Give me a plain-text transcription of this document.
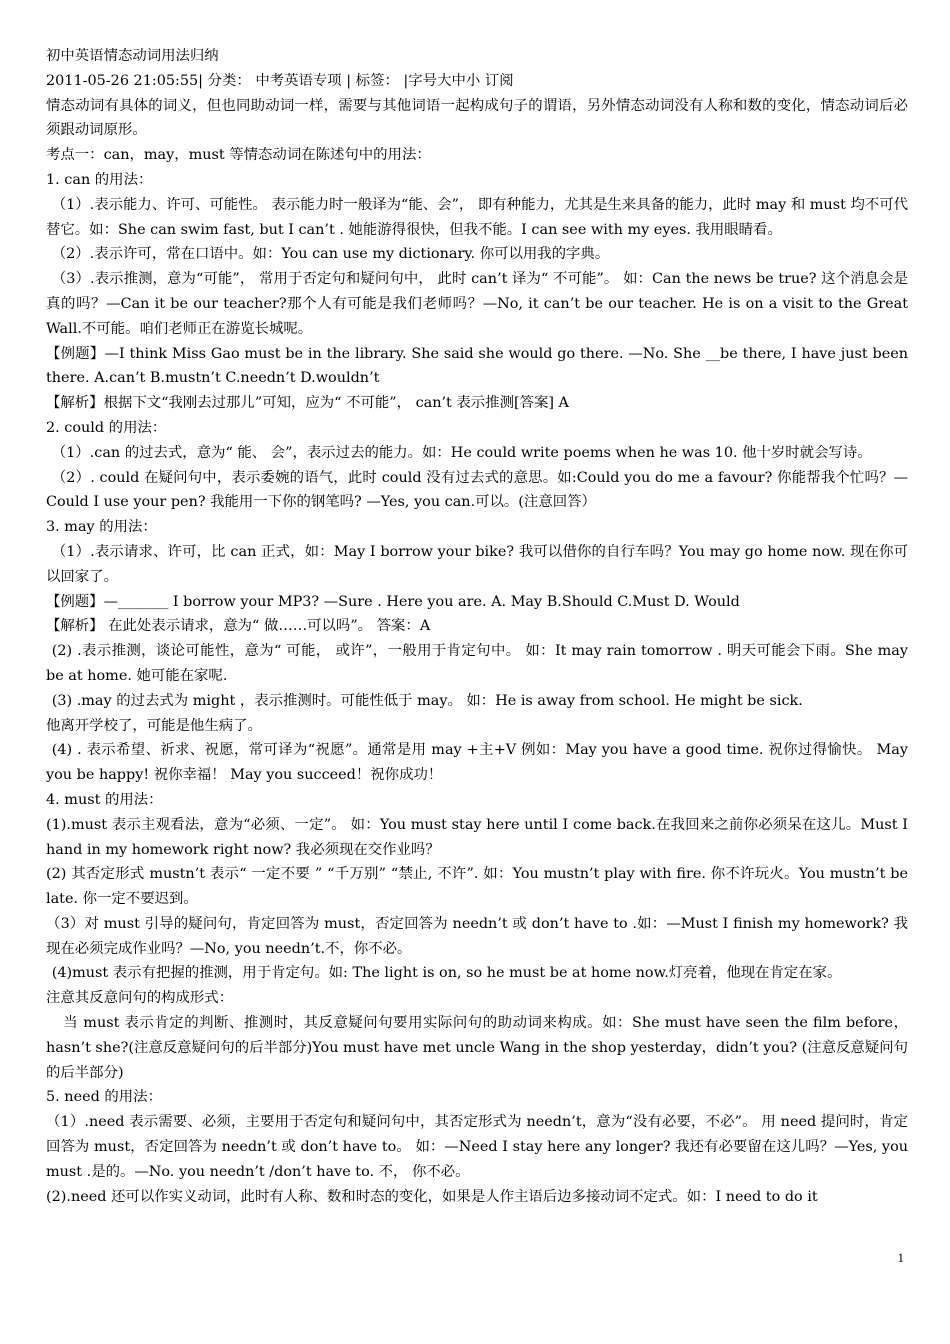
初中英语情态动词用法归纳

2011-05-26 21:05:55| 分类： 中考英语专项 | 标签： |字号大中小 订阅

情态动词有具体的词义，但也同助动词一样，需要与其他词语一起构成句子的谓语，另外情态动词没有人称和数的变化，情态动词后必须跟动词原形。

考点一：can，may，must 等情态动词在陈述句中的用法：

1. can 的用法：

（1）.表示能力、许可、可能性。 表示能力时一般译为“能、会”， 即有种能力，尤其是生来具备的能力，此时 may 和 must 均不可代替它。如：She can swim fast, but I can’t . 她能游得很快，但我不能。I can see with my eyes. 我用眼睛看。

（2）.表示许可，常在口语中。如：You can use my dictionary. 你可以用我的字典。

（3）.表示推测，意为“可能”， 常用于否定句和疑问句中， 此时 can’t 译为“ 不可能”。 如：Can the news be true? 这个消息会是真的吗？—Can it be our teacher?那个人有可能是我们老师吗？—No, it can’t be our teacher. He is on a visit to the Great Wall.不可能。咱们老师正在游览长城呢。

【例题】—I think Miss Gao must be in the library. She said she would go there. —No. She __be there, I have just been there. A.can’t B.mustn’t C.needn’t D.wouldn’t

【解析】根据下文“我刚去过那儿”可知，应为“ 不可能”， can’t 表示推测[答案] A

2. could 的用法：

（1）.can 的过去式，意为“ 能、 会”，表示过去的能力。如：He could write poems when he was 10. 他十岁时就会写诗。

（2）. could 在疑问句中，表示委婉的语气，此时 could 没有过去式的意思。如:Could you do me a favour? 你能帮我个忙吗？—Could I use your pen? 我能用一下你的钢笔吗? —Yes, you can.可以。(注意回答）

3. may 的用法：

（1）.表示请求、许可，比 can 正式，如：May I borrow your bike? 我可以借你的自行车吗？You may go home now. 现在你可以回家了。

【例题】—_______ I borrow your MP3? —Sure . Here you are. A. May B.Should C.Must D. Would

【解析】 在此处表示请求，意为“ 做……可以吗”。 答案：A

(2) .表示推测，谈论可能性，意为“ 可能， 或许”，一般用于肯定句中。 如：It may rain tomorrow . 明天可能会下雨。She may be at home. 她可能在家呢.

(3) .may 的过去式为 might ，表示推测时。可能性低于 may。 如：He is away from school. He might be sick.

他离开学校了，可能是他生病了。

(4) . 表示希望、祈求、祝愿，常可译为“祝愿”。通常是用 may +主+V 例如：May you have a good time. 祝你过得愉快。 May you be happy! 祝你幸福！ May you succeed！祝你成功！

4. must 的用法：

(1).must 表示主观看法，意为“必须、一定”。 如：You must stay here until I come back.在我回来之前你必须呆在这儿。Must I hand in my homework right now? 我必须现在交作业吗？

(2) 其否定形式 mustn’t 表示“ 一定不要 ” “千万别” “禁止, 不许”. 如：You mustn’t play with fire. 你不许玩火。You mustn’t be late. 你一定不要迟到。

（3）对 must 引导的疑问句，肯定回答为 must，否定回答为 needn’t 或 don’t have to .如：—Must I finish my homework? 我现在必须完成作业吗？—No, you needn’t.不，你不必。

(4)must 表示有把握的推测，用于肯定句。如: The light is on, so he must be at home now.灯亮着，他现在肯定在家。

注意其反意问句的构成形式：

当 must 表示肯定的判断、推测时，其反意疑问句要用实际问句的助动词来构成。如：She must have seen the film before，hasn’t she?(注意反意疑问句的后半部分)You must have met uncle Wang in the shop yesterday，didn’t you? (注意反意疑问句的后半部分)

5. need 的用法：

（1）.need 表示需要、必须，主要用于否定句和疑问句中，其否定形式为 needn’t，意为“没有必要，不必”。 用 need 提问时，肯定回答为 must，否定回答为 needn’t 或 don’t have to。 如：—Need I stay here any longer? 我还有必要留在这儿吗？—Yes, you must .是的。—No. you needn’t /don’t have to. 不， 你不必。

(2).need 还可以作实义动词，此时有人称、数和时态的变化，如果是人作主语后边多接动词不定式。如：I need to do it

1
